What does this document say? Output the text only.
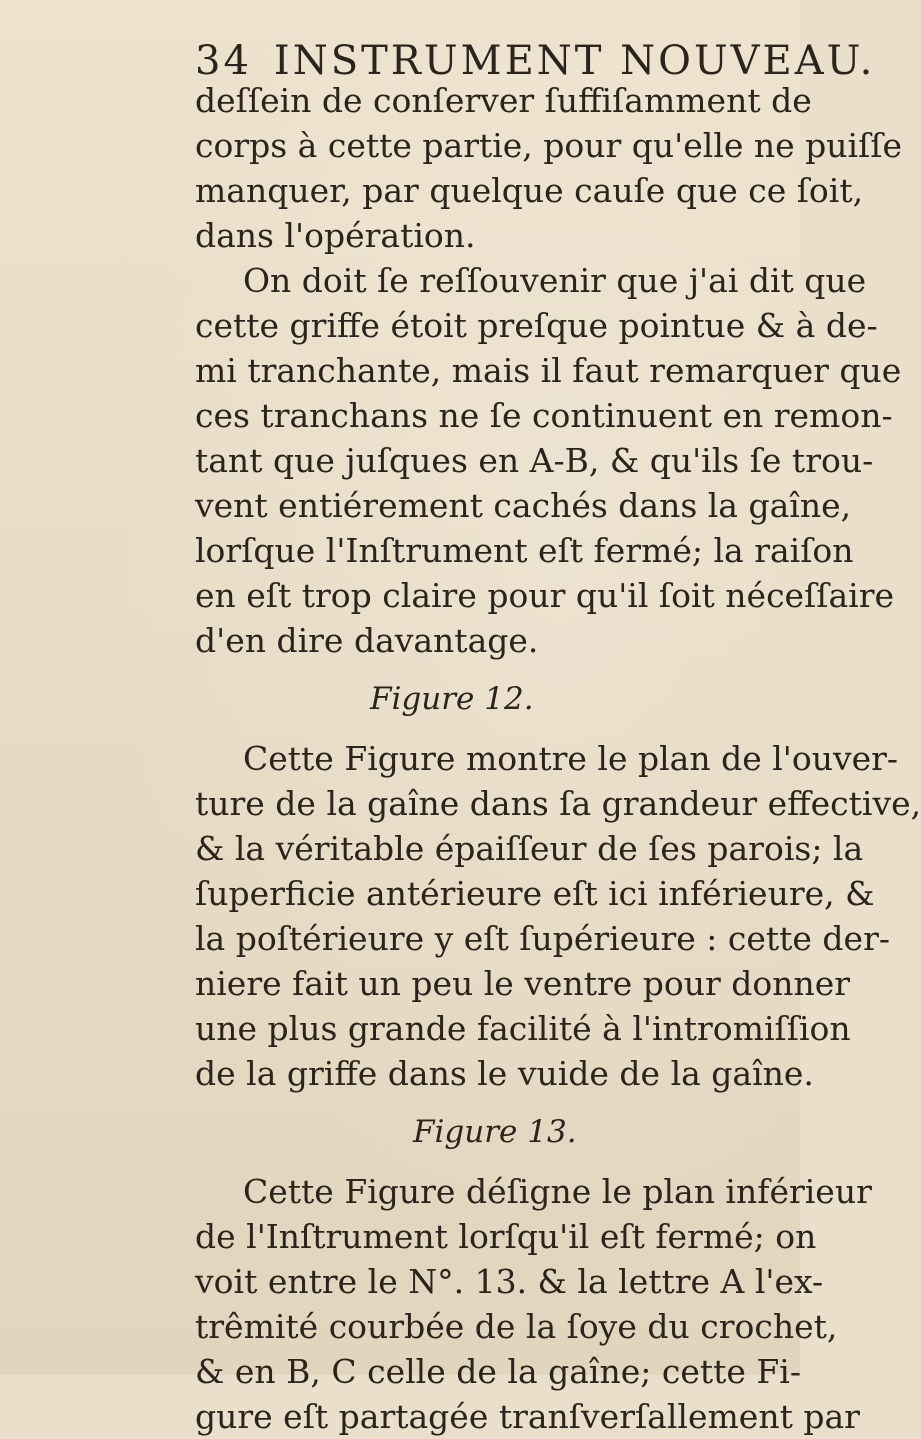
34 INSTRUMENT NOUVEAU.
deſſein de conſerver ſuffiſamment de
corps à cette partie, pour qu'elle ne puiſſe
manquer, par quelque cauſe que ce ſoit,
dans l'opération.
On doit ſe reſſouvenir que j'ai dit que
cette griffe étoit preſque pointue & à de-
mi tranchante, mais il faut remarquer que
ces tranchans ne ſe continuent en remon-
tant que juſques en A-B, & qu'ils ſe trou-
vent entiérement cachés dans la gaîne,
lorſque l'Inſtrument eſt fermé; la raiſon
en eſt trop claire pour qu'il ſoit néceſſaire
d'en dire davantage.
Figure 12.
Cette Figure montre le plan de l'ouver-
ture de la gaîne dans ſa grandeur effective,
& la véritable épaiſſeur de ſes parois; la
ſuperficie antérieure eſt ici inférieure, &
la poſtérieure y eſt ſupérieure : cette der-
niere fait un peu le ventre pour donner
une plus grande facilité à l'intromiſſion
de la griffe dans le vuide de la gaîne.
Figure 13.
Cette Figure déſigne le plan inférieur
de l'Inſtrument lorſqu'il eſt fermé; on
voit entre le N°. 13. & la lettre A l'ex-
trêmité courbée de la ſoye du crochet,
& en B, C celle de la gaîne; cette Fi-
gure eſt partagée tranſverſallement par
